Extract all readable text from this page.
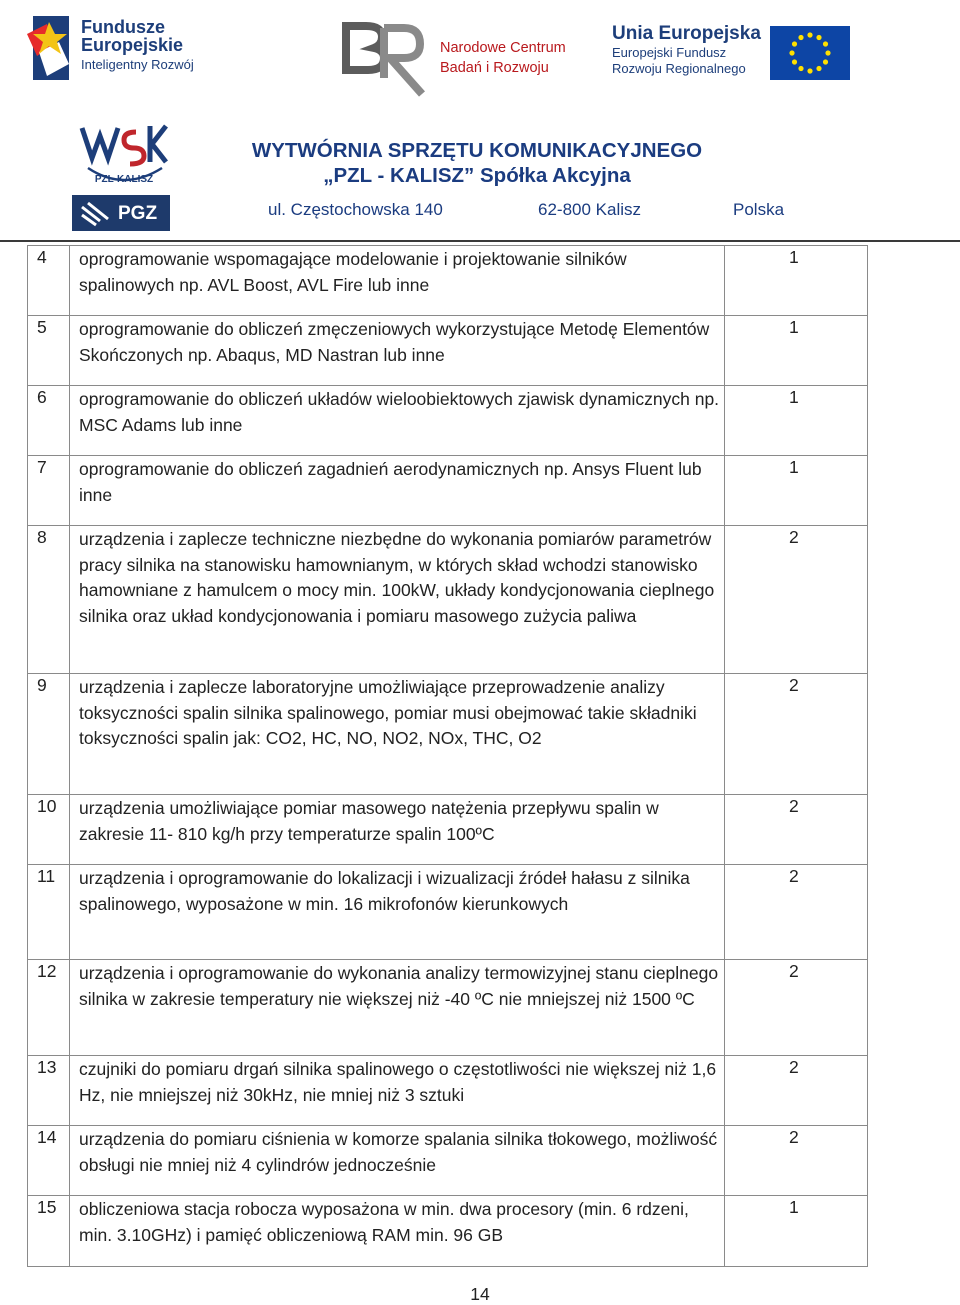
Fundusze
Europejskie
Inteligentny Rozwój
Narodowe Centrum
Badań i Rozwoju
Unia Europejska
Europejski Fundusz
Rozwoju Regionalnego
PZL-KALISZ
PGZ
WYTWÓRNIA SPRZĘTU KOMUNIKACYJNEGO
„PZL - KALISZ” Spółka Akcyjna
ul. Częstochowska 140	62-800 Kalisz	Polska
4	oprogramowanie wspomagające modelowanie i projektowanie silników spalinowych np. AVL Boost, AVL Fire lub inne	1
5	oprogramowanie do obliczeń zmęczeniowych wykorzystujące Metodę Elementów Skończonych np. Abaqus, MD Nastran lub inne	1
6	oprogramowanie do obliczeń układów wieloobiektowych zjawisk dynamicznych np. MSC Adams lub inne	1
7	oprogramowanie do obliczeń zagadnień aerodynamicznych np. Ansys Fluent lub inne	1
8	urządzenia i zaplecze techniczne niezbędne do wykonania pomiarów parametrów pracy silnika na stanowisku hamownianym, w których skład wchodzi stanowisko hamowniane z hamulcem o mocy min. 100kW, układy kondycjonowania cieplnego silnika oraz układ kondycjonowania i pomiaru masowego zużycia paliwa	2
9	urządzenia i zaplecze laboratoryjne umożliwiające przeprowadzenie analizy toksyczności spalin silnika spalinowego, pomiar musi obejmować takie składniki toksyczności spalin jak: CO2, HC, NO, NO2, NOx, THC, O2	2
10	urządzenia umożliwiające pomiar masowego natężenia przepływu spalin w zakresie 11- 810 kg/h przy temperaturze spalin 100ºC	2
11	urządzenia i oprogramowanie do lokalizacji i wizualizacji źródeł hałasu z silnika spalinowego, wyposażone w min. 16 mikrofonów kierunkowych	2
12	urządzenia i oprogramowanie do wykonania analizy termowizyjnej stanu cieplnego silnika w zakresie temperatury nie większej niż -40 ºC nie mniejszej niż 1500 ºC	2
13	czujniki do pomiaru drgań silnika spalinowego o częstotliwości nie większej niż 1,6 Hz, nie mniejszej niż 30kHz, nie mniej niż 3 sztuki	2
14	urządzenia do pomiaru ciśnienia w komorze spalania silnika tłokowego, możliwość obsługi nie mniej niż 4 cylindrów jednocześnie	2
15	obliczeniowa stacja robocza wyposażona w min. dwa procesory (min. 6 rdzeni, min. 3.10GHz) i pamięć obliczeniową RAM min. 96 GB	1
14
